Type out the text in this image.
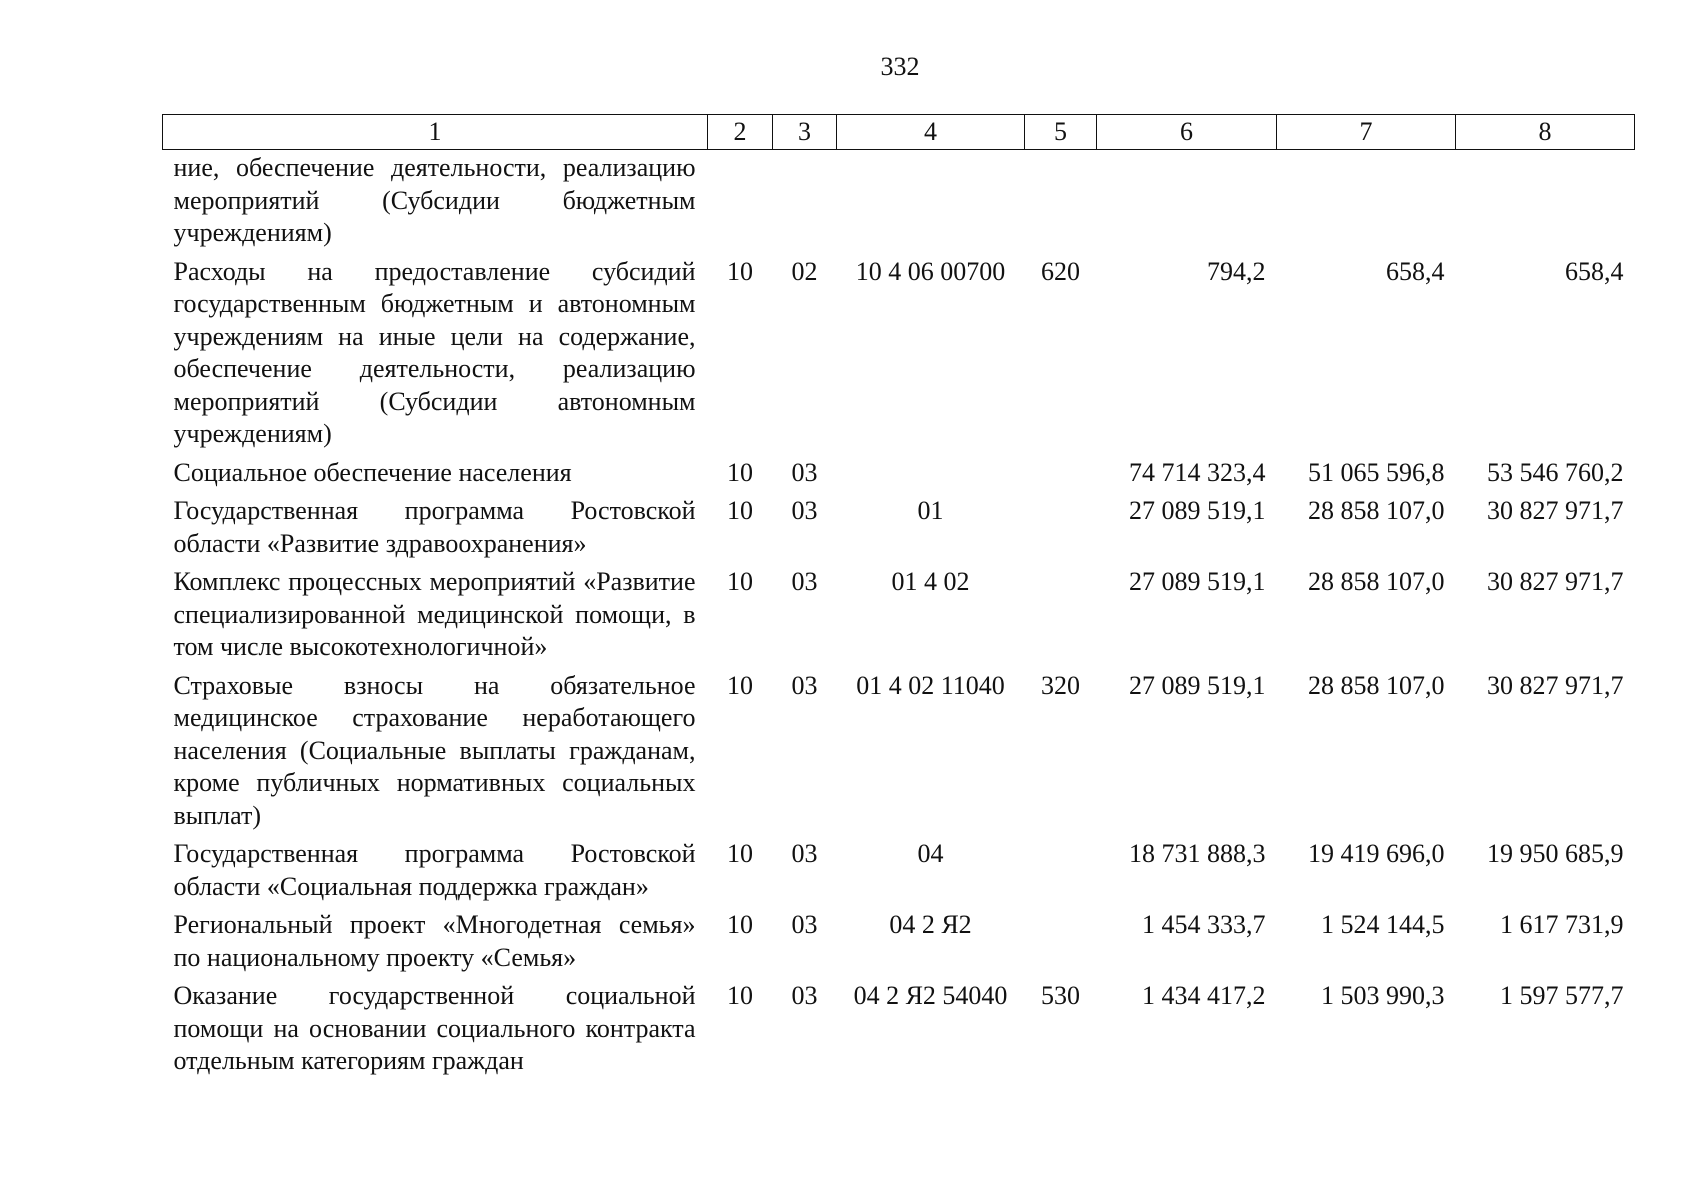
332
1	2	3	4	5	6	7	8
ние, обеспечение деятельности, реализацию мероприятий (Субсидии бюджетным учреждениям)							
Расходы на предоставление субсидий государственным бюджетным и автономным учреждениям на иные цели на содержание, обеспечение деятельности, реализацию мероприятий (Субсидии автономным учреждениям)	10	02	10 4 06 00700	620	794,2	658,4	658,4
Социальное обеспечение населения	10	03			74 714 323,4	51 065 596,8	53 546 760,2
Государственная программа Ростовской области «Развитие здравоохранения»	10	03	01		27 089 519,1	28 858 107,0	30 827 971,7
Комплекс процессных мероприятий «Развитие специализированной медицинской помощи, в том числе высокотехнологичной»	10	03	01 4 02		27 089 519,1	28 858 107,0	30 827 971,7
Страховые взносы на обязательное медицинское страхование неработающего населения (Социальные выплаты гражданам, кроме публичных нормативных социальных выплат)	10	03	01 4 02 11040	320	27 089 519,1	28 858 107,0	30 827 971,7
Государственная программа Ростовской области «Социальная поддержка граждан»	10	03	04		18 731 888,3	19 419 696,0	19 950 685,9
Региональный проект «Многодетная семья» по национальному проекту «Семья»	10	03	04 2 Я2		1 454 333,7	1 524 144,5	1 617 731,9
Оказание государственной социальной помощи на основании социального контракта отдельным категориям граждан	10	03	04 2 Я2 54040	530	1 434 417,2	1 503 990,3	1 597 577,7
